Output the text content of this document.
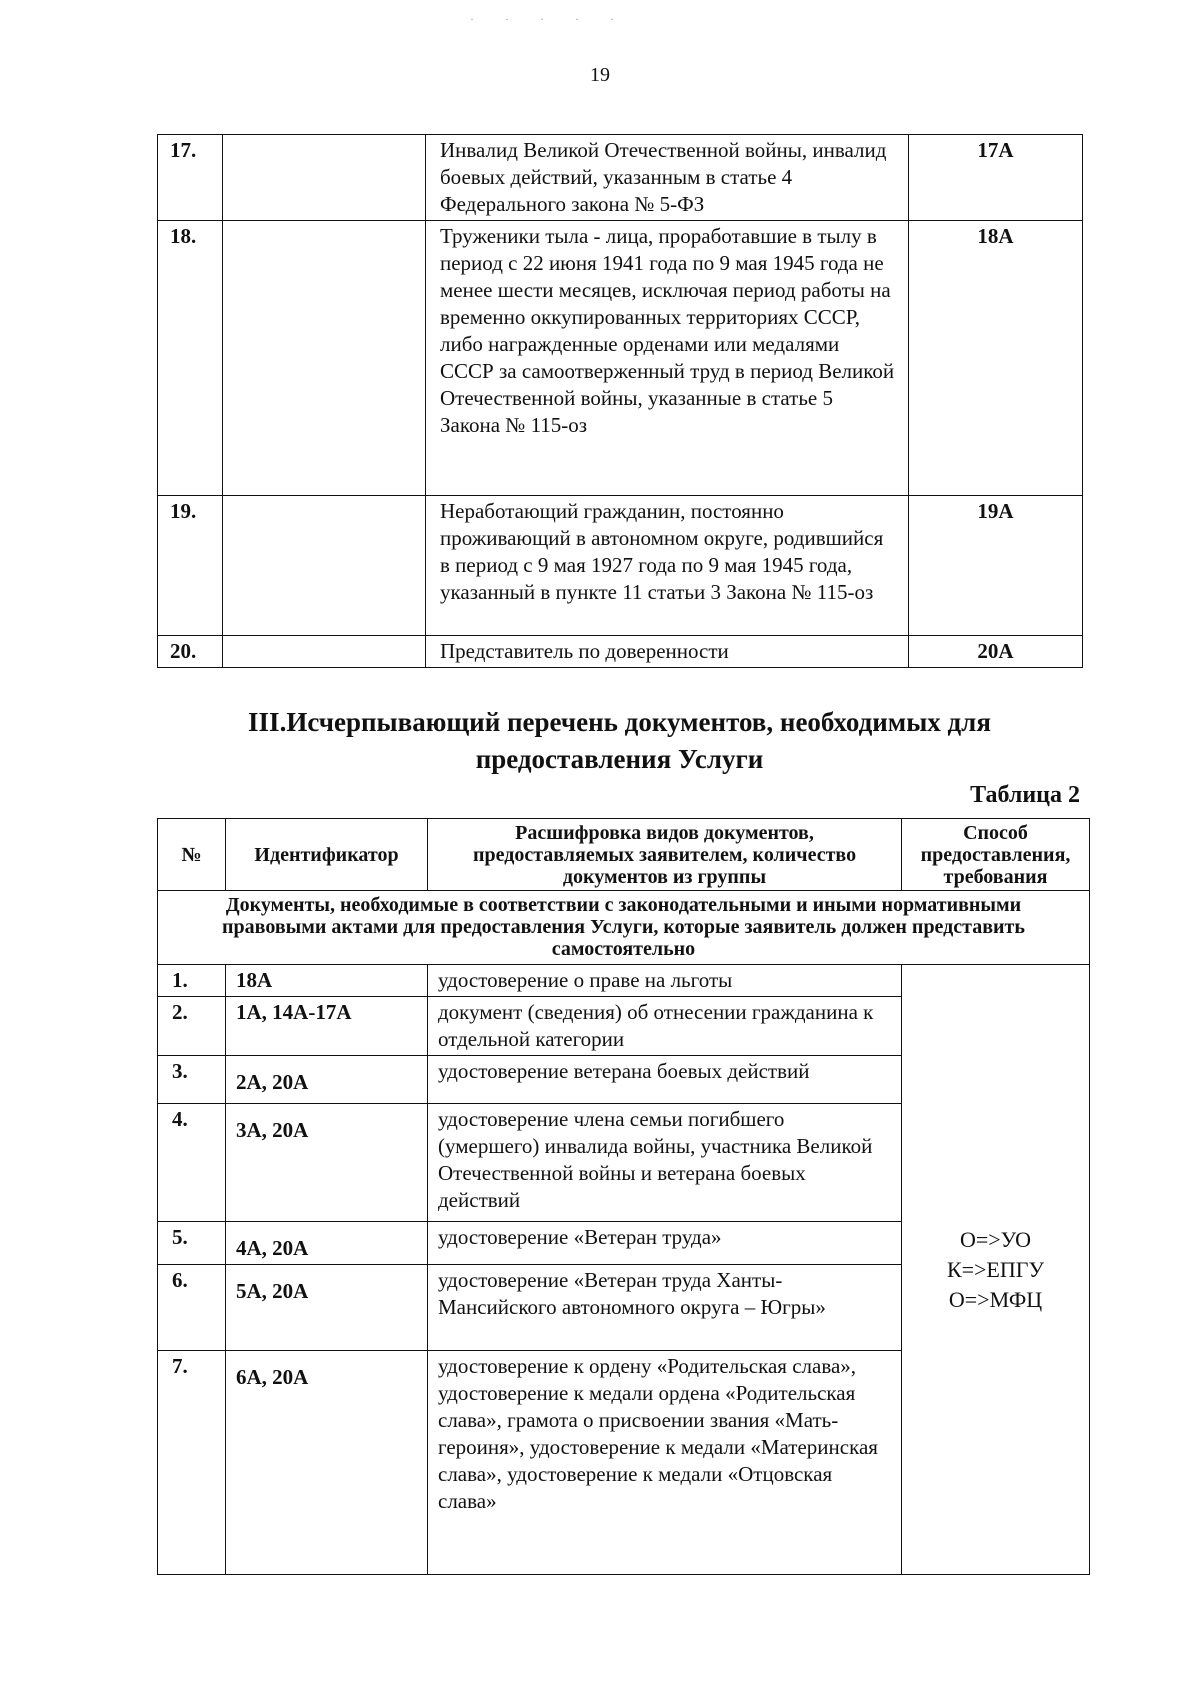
· · · · ·
19
17.		Инвалид Великой Отечественной войны, инвалид боевых действий, указанным в статье 4 Федерального закона № 5-ФЗ	17А
18.		Труженики тыла - лица, проработавшие в тылу в период с 22 июня 1941 года по 9 мая 1945 года не менее шести месяцев, исключая период работы на временно оккупированных территориях СССР, либо награжденные орденами или медалями СССР за самоотверженный труд в период Великой Отечественной войны, указанные в статье 5 Закона № 115-оз	18А
19.		Неработающий гражданин, постоянно проживающий в автономном округе, родившийся в период с 9 мая 1927 года по 9 мая 1945 года, указанный в пункте 11 статьи 3 Закона № 115-оз	19А
20.		Представитель по доверенности	20А
III.Исчерпывающий перечень документов, необходимых для предоставления Услуги
Таблица 2
№	Идентификатор	Расшифровка видов документов, предоставляемых заявителем, количество документов из группы	Способ предоставления, требования
Документы, необходимые в соответствии с законодательными и иными нормативными правовыми актами для предоставления Услуги, которые заявитель должен представить самостоятельно			
1.	18А	удостоверение о праве на льготы	О=>УО
К=>ЕПГУ
О=>МФЦ

2.	1А, 14А-17А	документ (сведения) об отнесении гражданина к отдельной категории	
3.	2А, 20А	удостоверение ветерана боевых действий	
4.	3А, 20А	удостоверение члена семьи погибшего (умершего) инвалида войны, участника Великой Отечественной войны и ветерана боевых действий	
5.	4А, 20А	удостоверение «Ветеран труда»	
6.	5А, 20А	удостоверение «Ветеран труда Ханты-Мансийского автономного округа – Югры»	
7.	6А, 20А	удостоверение к ордену «Родительская слава», удостоверение к медали ордена «Родительская слава», грамота о присвоении звания «Мать-героиня», удостоверение к медали «Материнская слава», удостоверение к медали «Отцовская слава»	
